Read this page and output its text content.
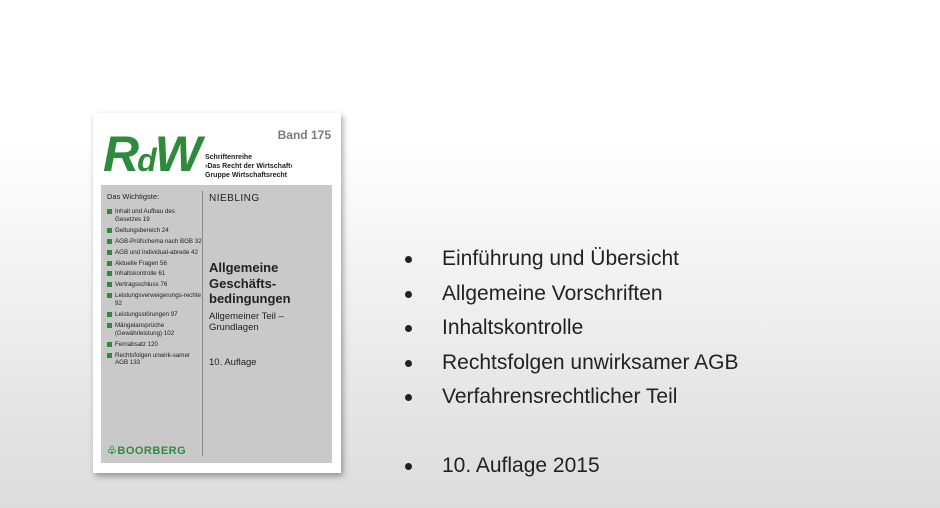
RdW	Band 175
Schriftenreihe
›Das Recht der Wirtschaft‹
Gruppe Wirtschaftsrecht
Das Wichtigste:
Inhalt und Aufbau des Gesetzes 19
Geltungsbereich 24
AGB-Prüfschema nach BGB 32
AGB und Individual-abrede 42
Aktuelle Fragen 56
Inhaltskontrolle 61
Vertragsschluss 76
Leistungsverweigerungs-rechte 92
Leistungsstörungen 97
Mängelansprüche (Gewährleistung) 102
Fernabsatz 120
Rechtsfolgen unwirk-samer AGB 133
♧BOORBERG
NIEBLING
Allgemeine
Geschäfts-
bedingungen
Allgemeiner Teil –
Grundlagen
10. Auflage
Einführung und Übersicht
Allgemeine Vorschriften
Inhaltskontrolle
Rechtsfolgen unwirksamer AGB
Verfahrensrechtlicher Teil
10. Auflage 2015
